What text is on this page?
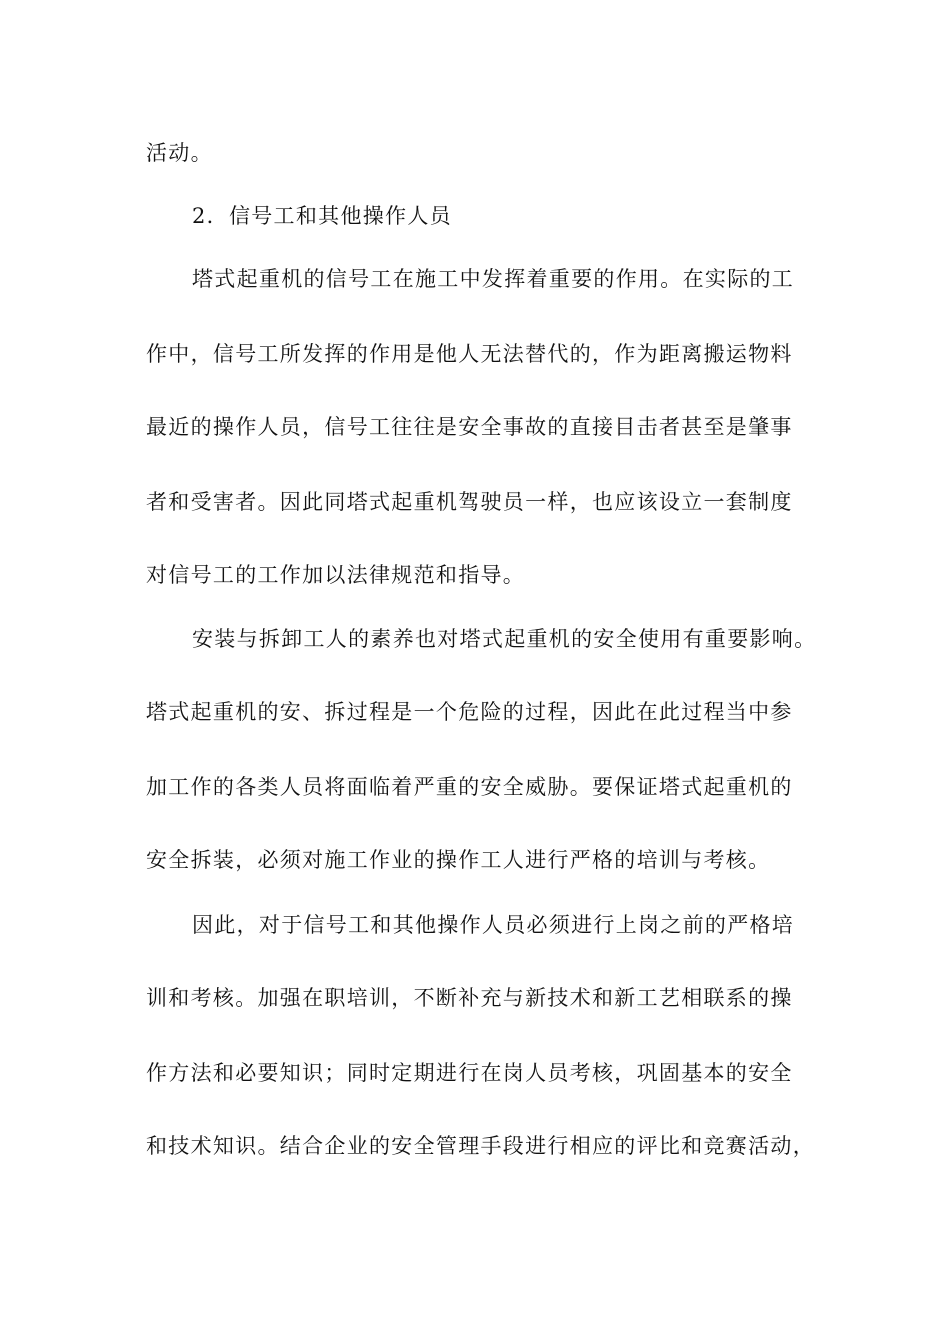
活动。
2．信号工和其他操作人员
塔式起重机的信号工在施工中发挥着重要的作用。在实际的工
作中，信号工所发挥的作用是他人无法替代的，作为距离搬运物料
最近的操作人员，信号工往往是安全事故的直接目击者甚至是肇事
者和受害者。因此同塔式起重机驾驶员一样，也应该设立一套制度
对信号工的工作加以法律规范和指导。
安装与拆卸工人的素养也对塔式起重机的安全使用有重要影响。
塔式起重机的安、拆过程是一个危险的过程，因此在此过程当中参
加工作的各类人员将面临着严重的安全威胁。要保证塔式起重机的
安全拆装，必须对施工作业的操作工人进行严格的培训与考核。
因此，对于信号工和其他操作人员必须进行上岗之前的严格培
训和考核。加强在职培训，不断补充与新技术和新工艺相联系的操
作方法和必要知识；同时定期进行在岗人员考核，巩固基本的安全
和技术知识。结合企业的安全管理手段进行相应的评比和竞赛活动，
